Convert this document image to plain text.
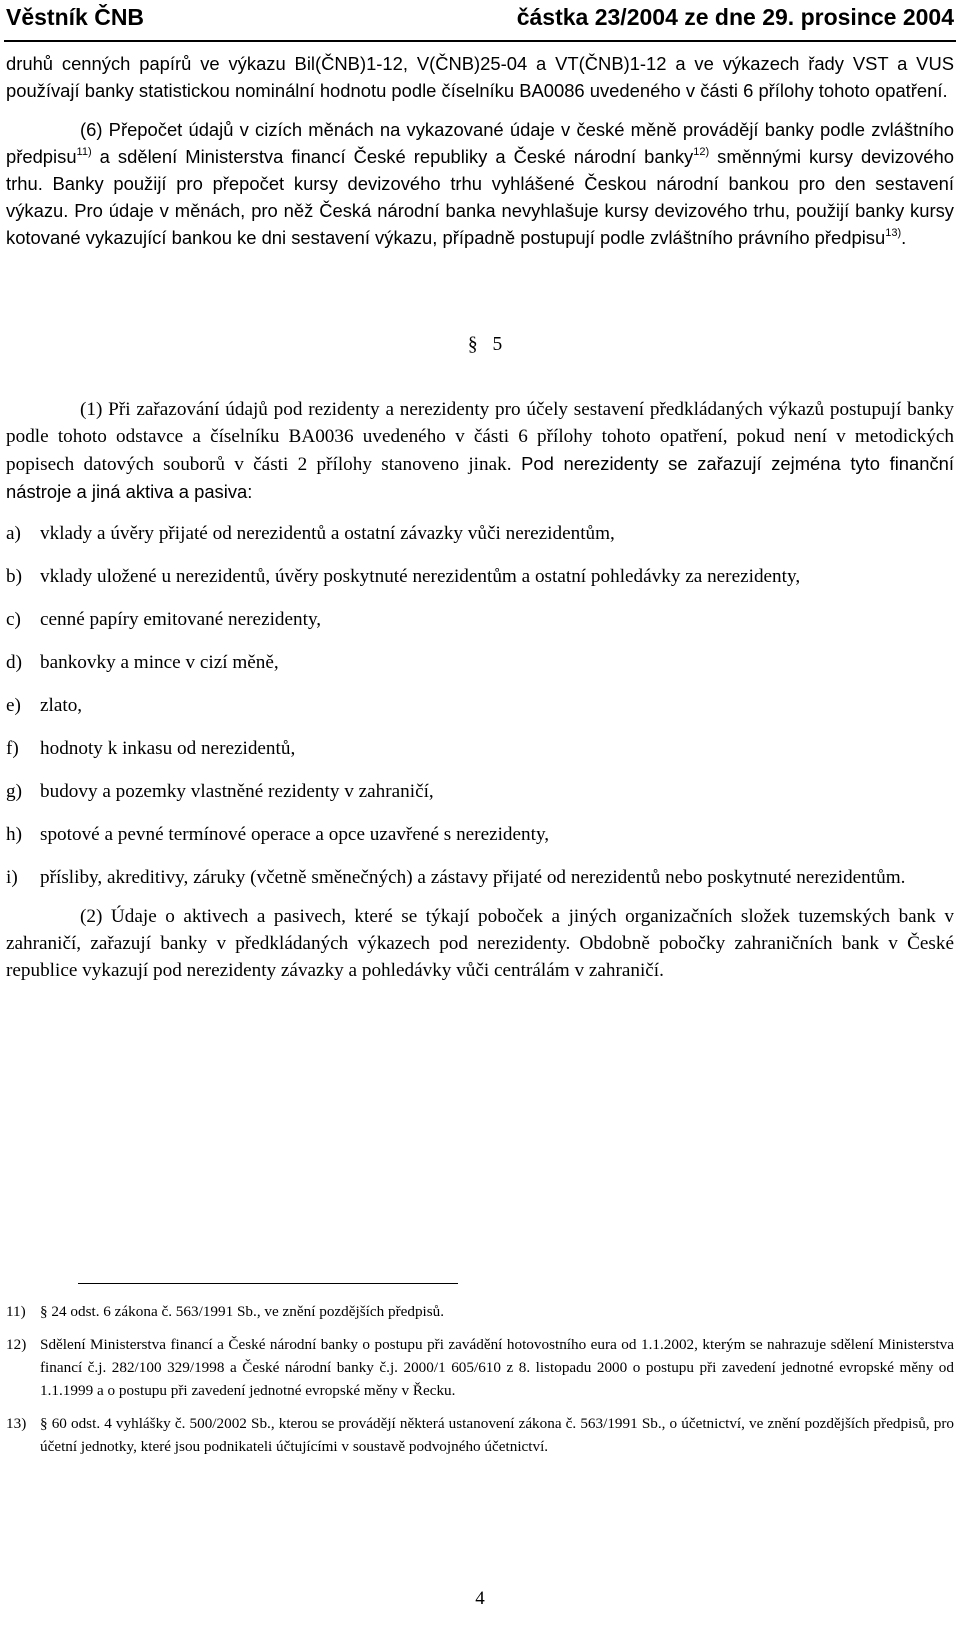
Věstník ČNB	částka 23/2004 ze dne 29. prosince 2004

druhů cenných papírů ve výkazu Bil(ČNB)1-12, V(ČNB)25-04 a VT(ČNB)1-12 a ve výkazech řady VST a VUS používají banky statistickou nominální hodnotu podle číselníku BA0086 uvedeného v části 6 přílohy tohoto opatření.

(6) Přepočet údajů v cizích měnách na vykazované údaje v české měně provádějí banky podle zvláštního předpisu$^{11)}$ a sdělení Ministerstva financí České republiky a České národní banky$^{12)}$ směnnými kursy devizového trhu. Banky použijí pro přepočet kursy devizového trhu vyhlášené Českou národní bankou pro den sestavení výkazu. Pro údaje v měnách, pro něž Česká národní banka nevyhlašuje kursy devizového trhu, použijí banky kursy kotované vykazující bankou ke dni sestavení výkazu, případně postupují podle zvláštního právního předpisu$^{13)}$.

§ 5

(1) Při zařazování údajů pod rezidenty a nerezidenty pro účely sestavení předkládaných výkazů postupují banky podle tohoto odstavce a číselníku BA0036 uvedeného v části 6 přílohy tohoto opatření, pokud není v metodických popisech datových souborů v části 2 přílohy stanoveno jinak. Pod nerezidenty se zařazují zejména tyto finanční nástroje a jiná aktiva a pasiva:

a) vklady a úvěry přijaté od nerezidentů a ostatní závazky vůči nerezidentům,
b) vklady uložené u nerezidentů, úvěry poskytnuté nerezidentům a ostatní pohledávky za nerezidenty,
c) cenné papíry emitované nerezidenty,
d) bankovky a mince v cizí měně,
e) zlato,
f)	hodnoty k inkasu od nerezidentů,
g) budovy a pozemky vlastněné rezidenty v zahraničí,
h) spotové a pevné termínové operace a opce uzavřené s nerezidenty,
i)	přísliby, akreditivy, záruky (včetně směnečných) a zástavy přijaté od nerezidentů nebo poskytnuté nerezidentům.

(2) Údaje o aktivech a pasivech, které se týkají poboček a jiných organizačních složek tuzemských bank v zahraničí, zařazují banky v předkládaných výkazech pod nerezidenty. Obdobně pobočky zahraničních bank v České republice vykazují pod nerezidenty závazky a pohledávky vůči centrálám v zahraničí.

11) § 24 odst. 6 zákona č. 563/1991 Sb., ve znění pozdějších předpisů.
12) Sdělení Ministerstva financí a České národní banky o postupu při zavádění hotovostního eura od 1.1.2002, kterým se nahrazuje sdělení Ministerstva financí č.j. 282/100 329/1998 a České národní banky č.j. 2000/1 605/610 z 8. listopadu 2000 o postupu při zavedení jednotné evropské měny od 1.1.1999 a o postupu při zavedení jednotné evropské měny v Řecku.
13) § 60 odst. 4 vyhlášky č. 500/2002 Sb., kterou se provádějí některá ustanovení zákona č. 563/1991 Sb., o účetnictví, ve znění pozdějších předpisů, pro účetní jednotky, které jsou podnikateli účtujícími v soustavě podvojného účetnictví.
4
